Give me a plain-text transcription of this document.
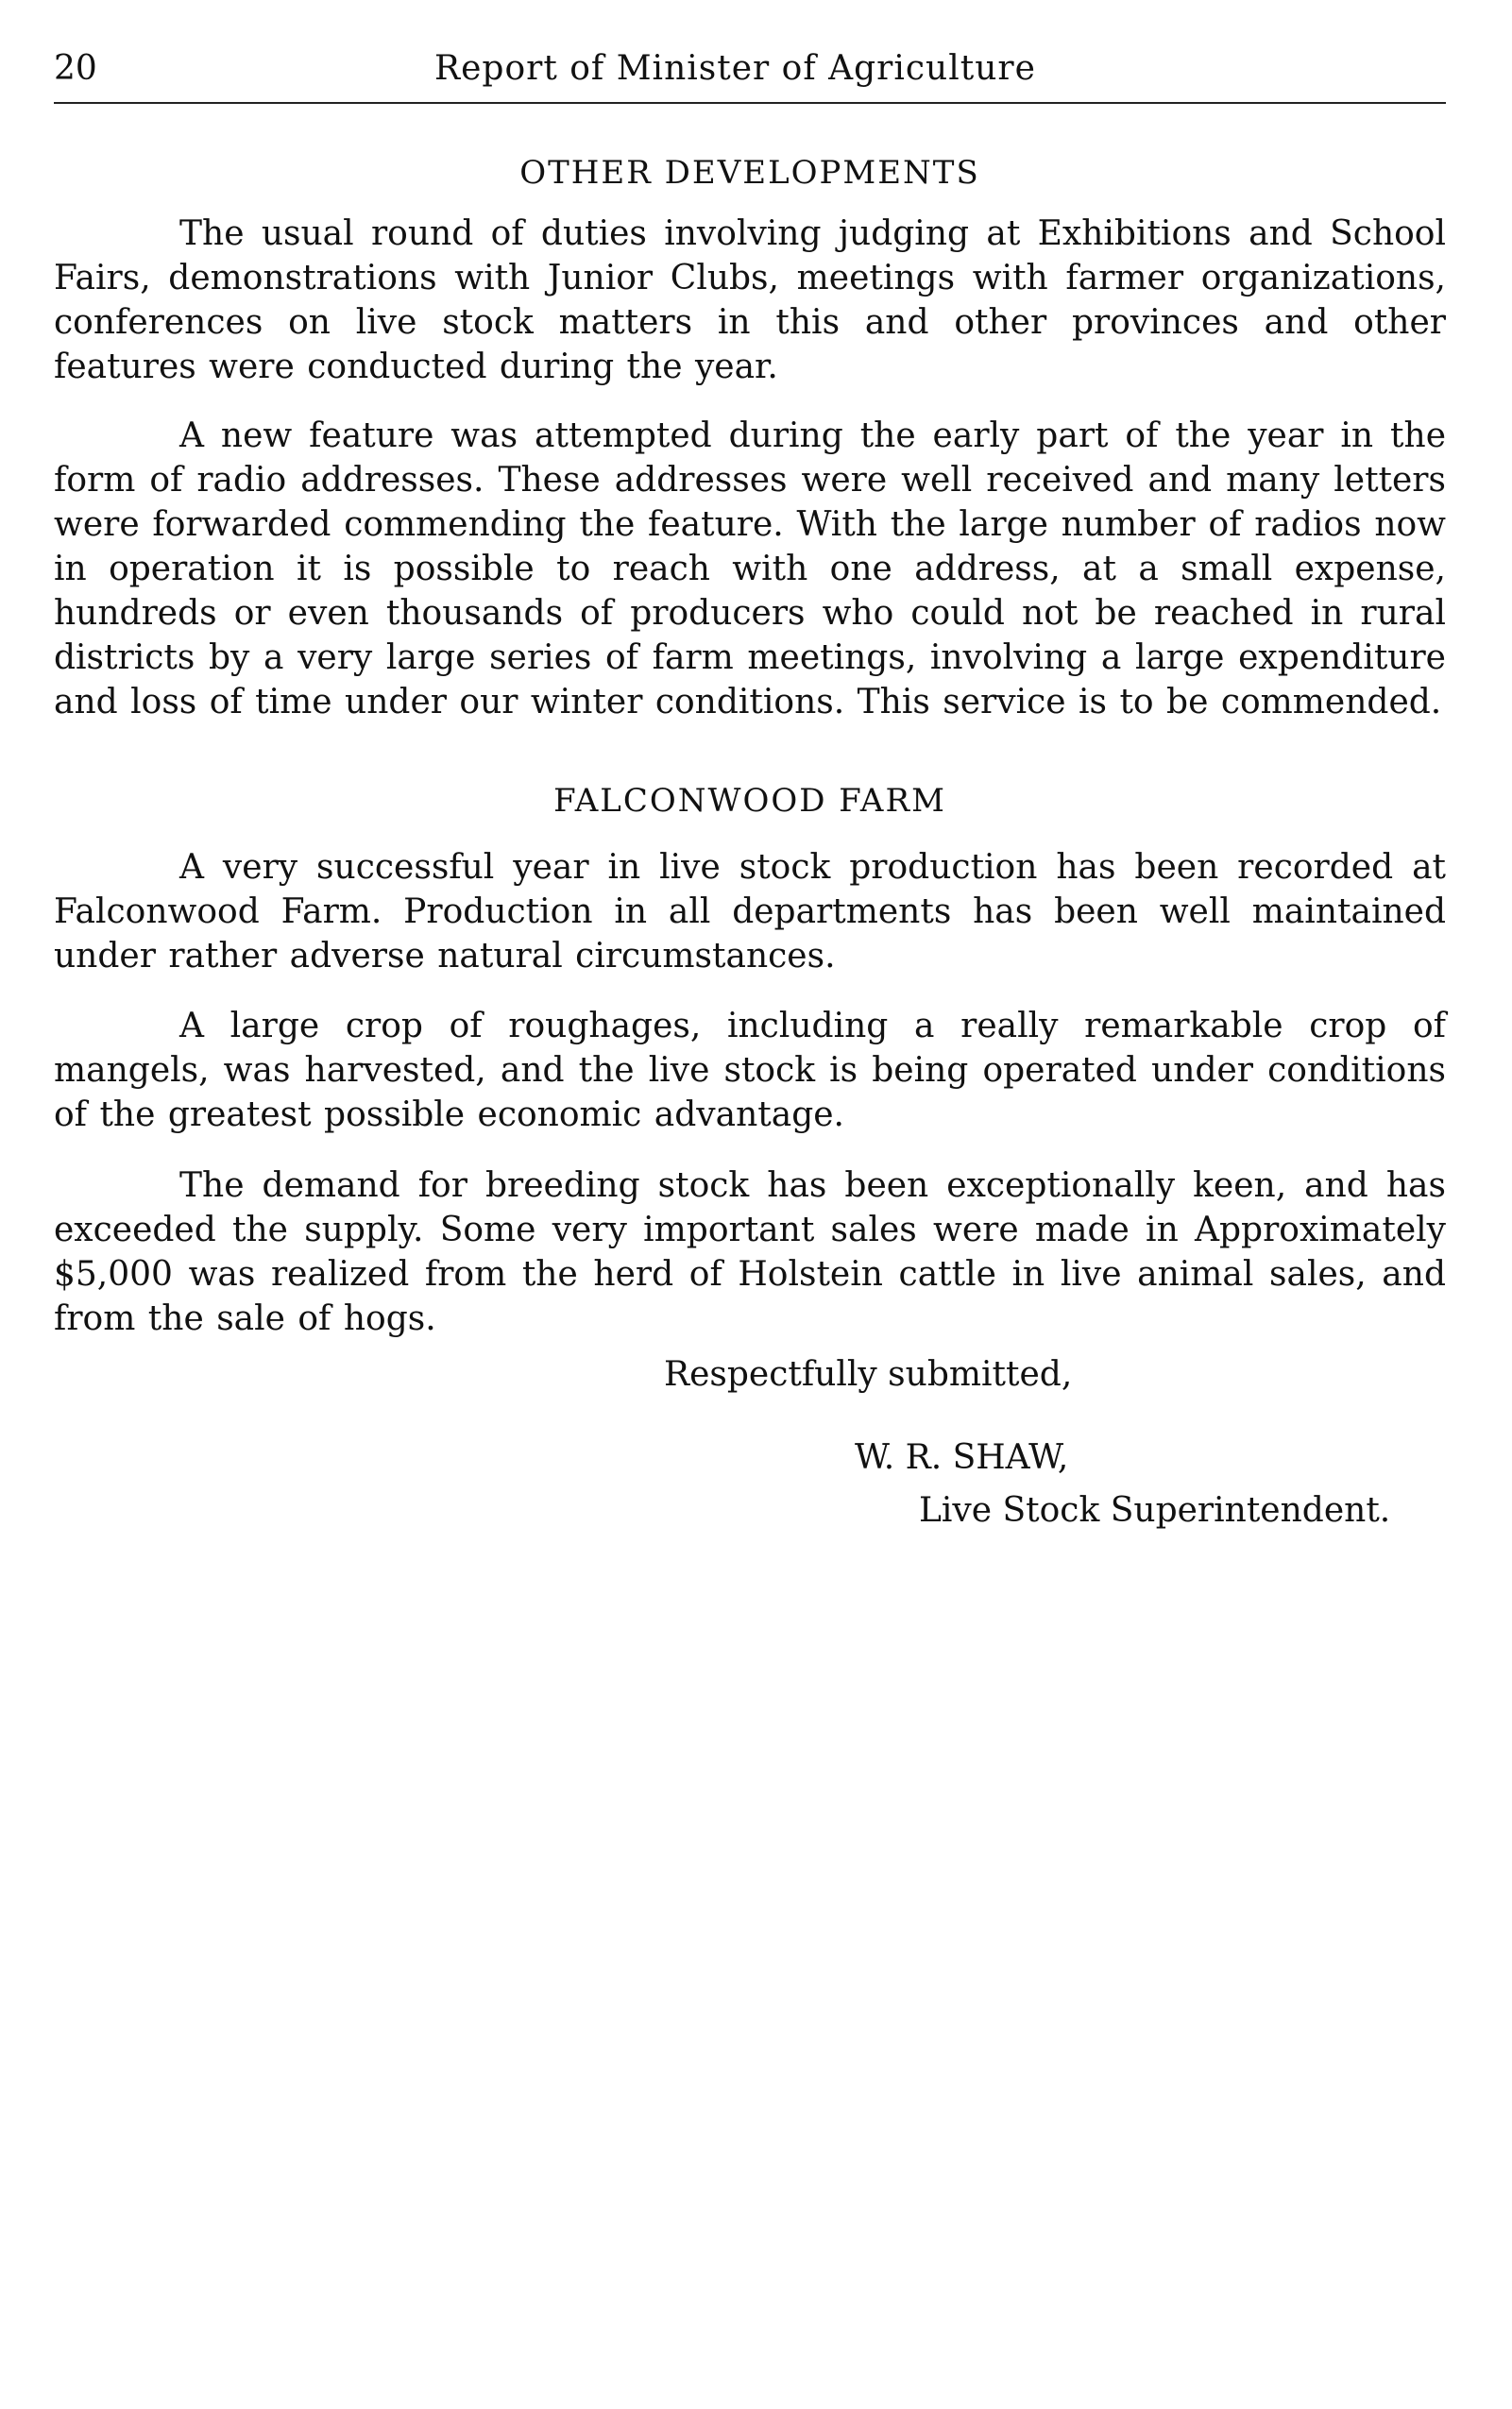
20	Report of Minister of Agriculture
OTHER DEVELOPMENTS

The usual round of duties involving judging at Exhibitions and School Fairs, demonstrations with Junior Clubs, meetings with farmer organizations, conferences on live stock matters in this and other provinces and other features were conducted during the year.

A new feature was attempted during the early part of the year in the form of radio addresses. These addresses were well received and many letters were forwarded commending the feature. With the large number of radios now in operation it is possible to reach with one address, at a small expense, hundreds or even thousands of producers who could not be reached in rural districts by a very large series of farm meetings, involving a large expenditure and loss of time under our winter conditions. This service is to be commended.

FALCONWOOD FARM

A very successful year in live stock production has been recorded at Falconwood Farm. Production in all departments has been well maintained under rather adverse natural circumstances.

A large crop of roughages, including a really remarkable crop of mangels, was harvested, and the live stock is being operated under conditions of the greatest possible economic advantage.

The demand for breeding stock has been exceptionally keen, and has exceeded the supply. Some very important sales were made in Approximately $5,000 was realized from the herd of Holstein cattle in live animal sales, and from the sale of hogs.

Respectfully submitted,
W. R. SHAW,
Live Stock Superintendent.
